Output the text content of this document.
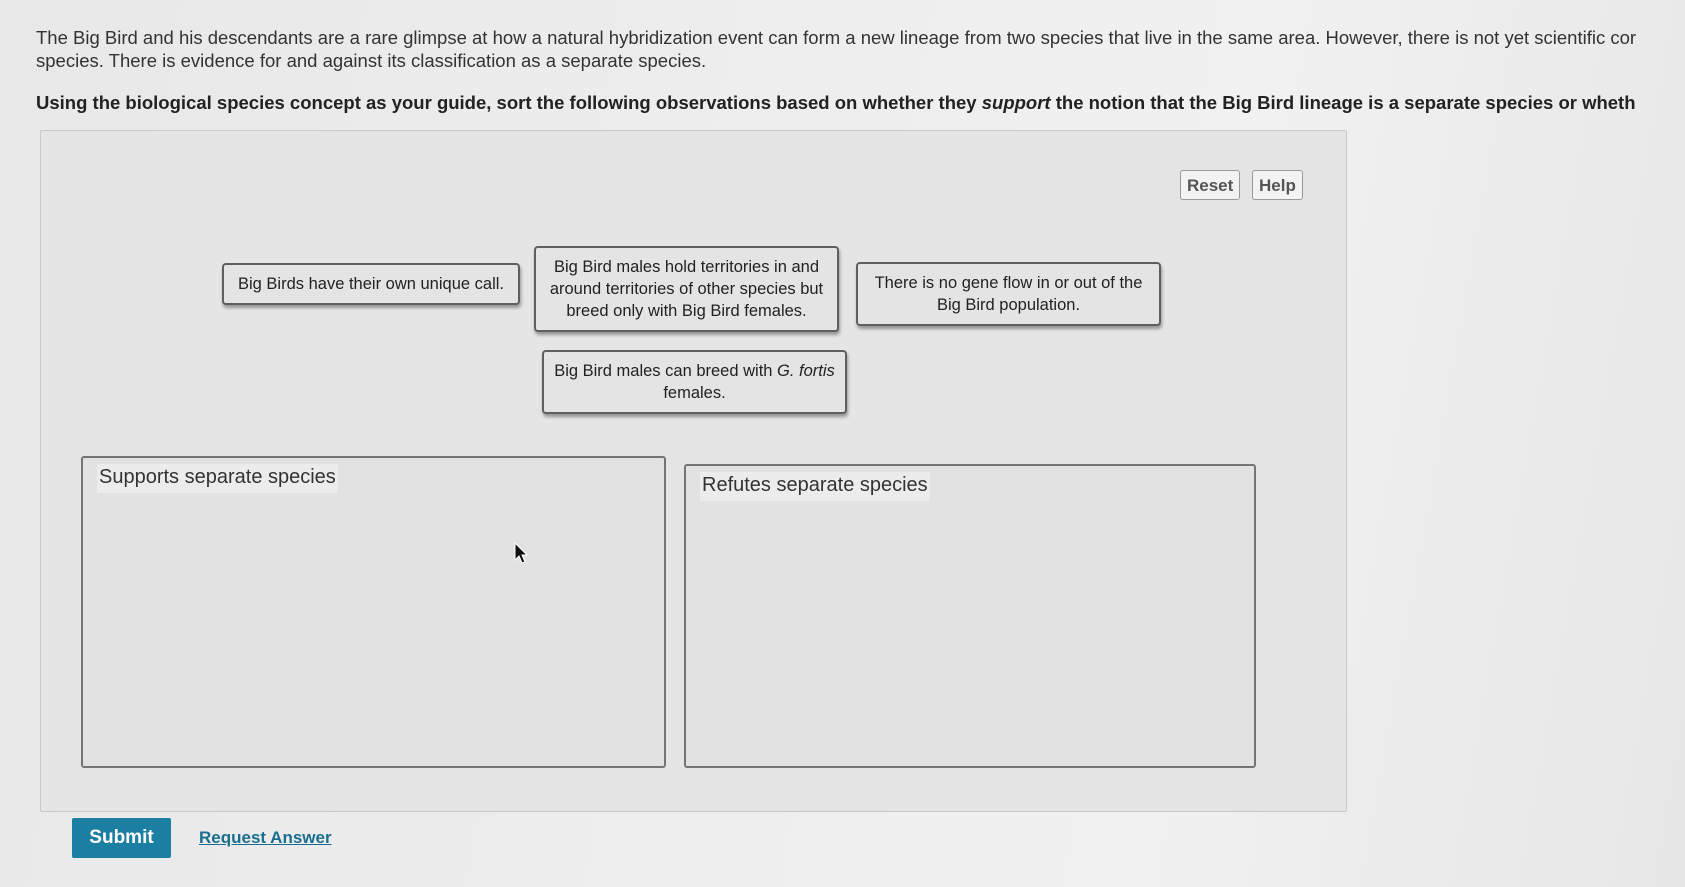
The Big Bird and his descendants are a rare glimpse at how a natural hybridization event can form a new lineage from two species that live in the same area. However, there is not yet scientific cor
species. There is evidence for and against its classification as a separate species.
Using the biological species concept as your guide, sort the following observations based on whether they support the notion that the Big Bird lineage is a separate species or wheth
Reset	Help
Big Birds have their own unique call.
Big Bird males hold territories in and around territories of other species but breed only with Big Bird females.
There is no gene flow in or out of the Big Bird population.
Big Bird males can breed with G. fortis females.
Supports separate species	Refutes separate species
Submit	Request Answer
